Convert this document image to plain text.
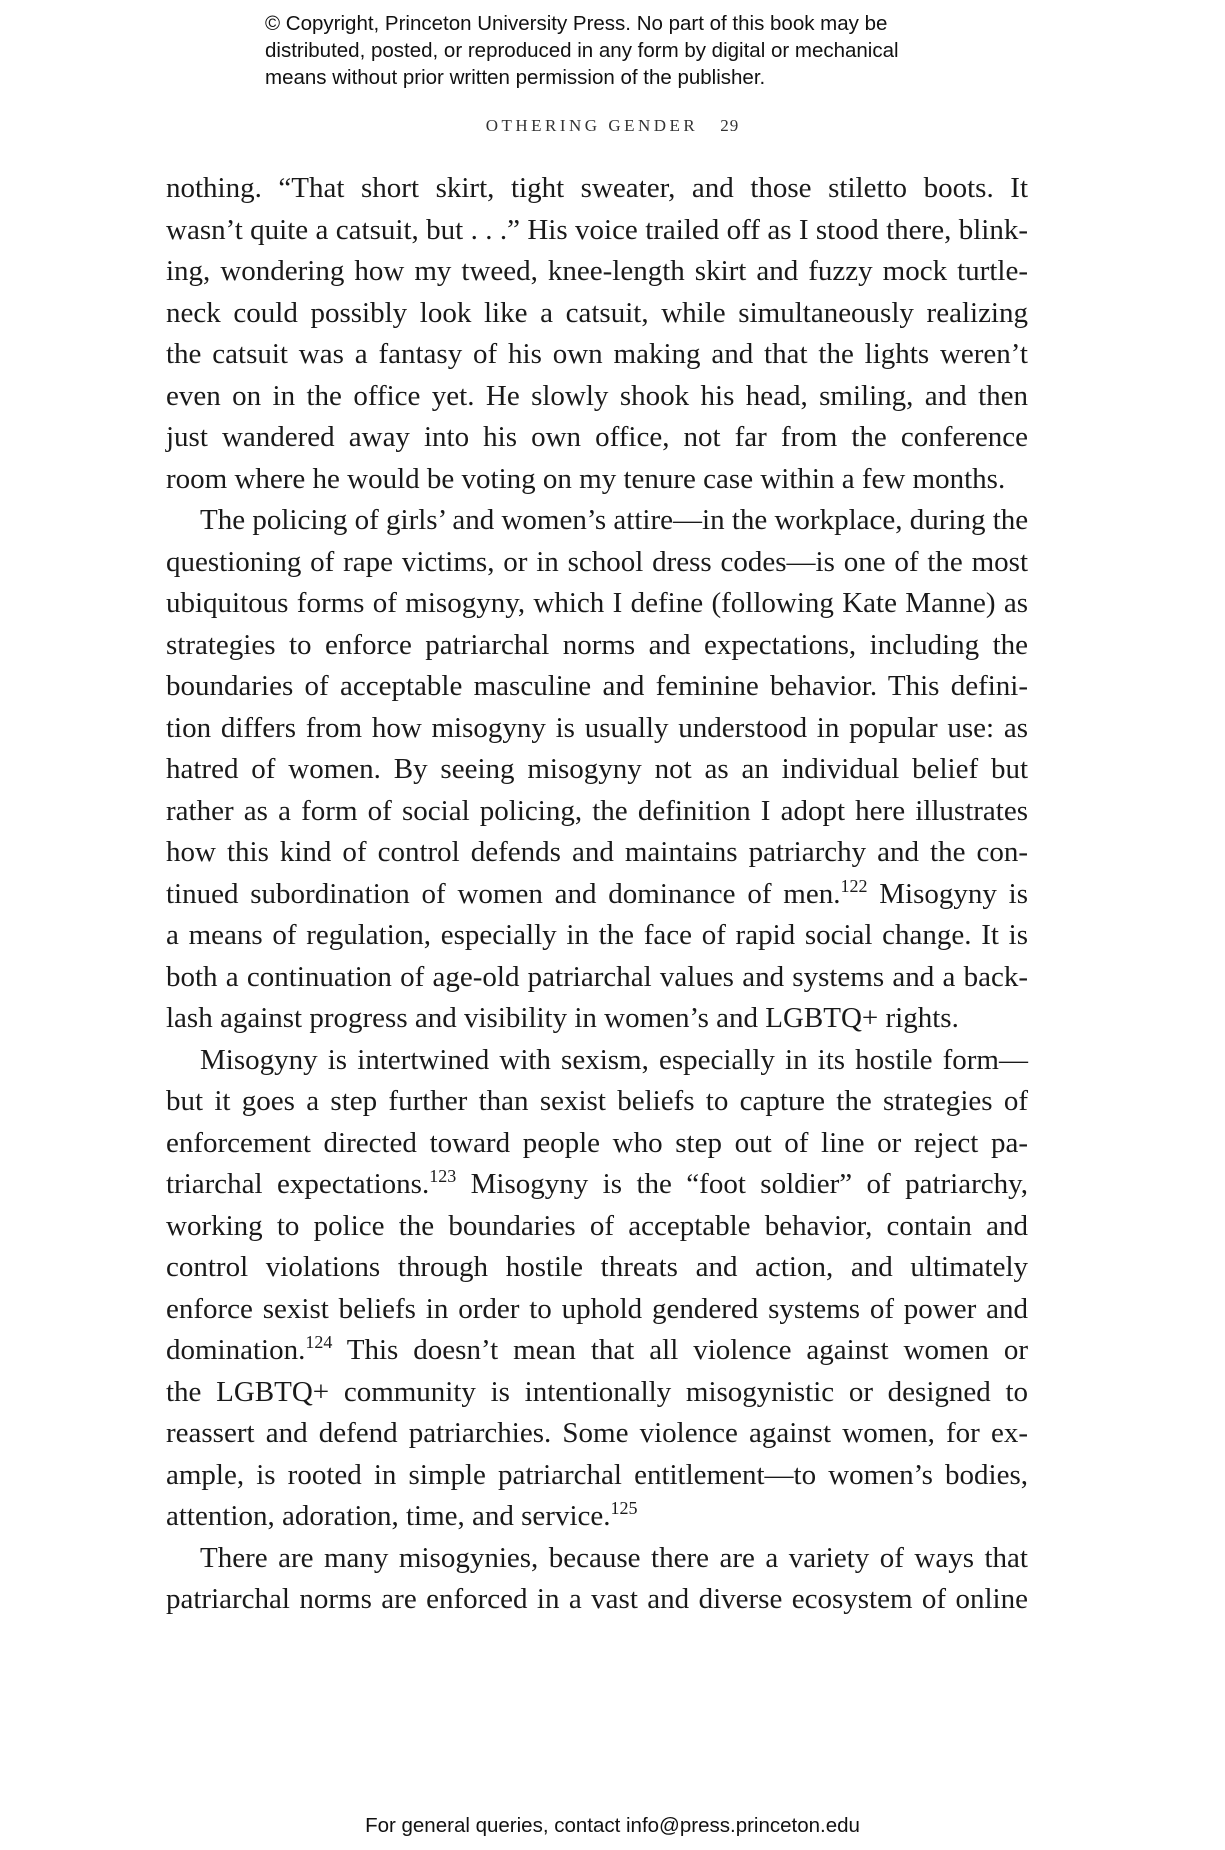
© Copyright, Princeton University Press. No part of this book may be
distributed, posted, or reproduced in any form by digital or mechanical
means without prior written permission of the publisher.
OTHERING GENDER 29
nothing. “That short skirt, tight sweater, and those stiletto boots. It
wasn’t quite a catsuit, but . . .” His voice trailed off as I stood there, blink-
ing, wondering how my tweed, knee-length skirt and fuzzy mock turtle-
neck could possibly look like a catsuit, while simultaneously realizing
the catsuit was a fantasy of his own making and that the lights weren’t
even on in the office yet. He slowly shook his head, smiling, and then
just wandered away into his own office, not far from the conference
room where he would be voting on my tenure case within a few months.
The policing of girls’ and women’s attire—in the workplace, during the
questioning of rape victims, or in school dress codes—is one of the most
ubiquitous forms of misogyny, which I define (following Kate Manne) as
strategies to enforce patriarchal norms and expectations, including the
boundaries of acceptable masculine and feminine behavior. This defini-
tion differs from how misogyny is usually understood in popular use: as
hatred of women. By seeing misogyny not as an individual belief but
rather as a form of social policing, the definition I adopt here illustrates
how this kind of control defends and maintains patriarchy and the con-
tinued subordination of women and dominance of men.$^{122}$ Misogyny is
a means of regulation, especially in the face of rapid social change. It is
both a continuation of age-old patriarchal values and systems and a back-
lash against progress and visibility in women’s and LGBTQ+ rights.
Misogyny is intertwined with sexism, especially in its hostile form—
but it goes a step further than sexist beliefs to capture the strategies of
enforcement directed toward people who step out of line or reject pa-
triarchal expectations.$^{123}$ Misogyny is the “foot soldier” of patriarchy,
working to police the boundaries of acceptable behavior, contain and
control violations through hostile threats and action, and ultimately
enforce sexist beliefs in order to uphold gendered systems of power and
domination.$^{124}$ This doesn’t mean that all violence against women or
the LGBTQ+ community is intentionally misogynistic or designed to
reassert and defend patriarchies. Some violence against women, for ex-
ample, is rooted in simple patriarchal entitlement—to women’s bodies,
attention, adoration, time, and service.$^{125}$
There are many misogynies, because there are a variety of ways that
patriarchal norms are enforced in a vast and diverse ecosystem of online
For general queries, contact info@press.princeton.edu
